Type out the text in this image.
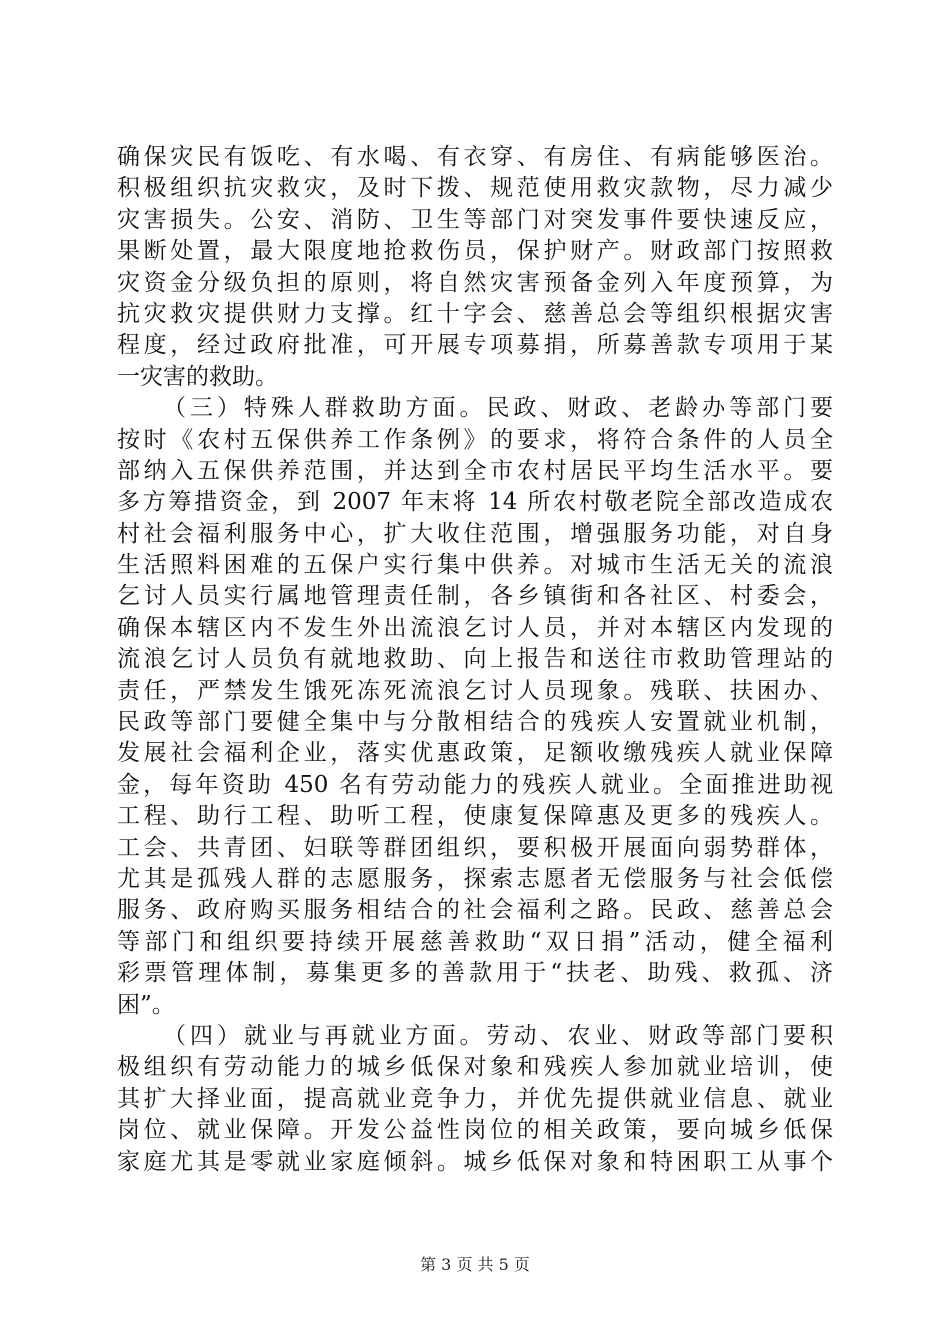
确保灾民有饭吃、有水喝、有衣穿、有房住、有病能够医治。
积极组织抗灾救灾，及时下拨、规范使用救灾款物，尽力减少
灾害损失。公安、消防、卫生等部门对突发事件要快速反应，
果断处置，最大限度地抢救伤员，保护财产。财政部门按照救
灾资金分级负担的原则，将自然灾害预备金列入年度预算，为
抗灾救灾提供财力支撑。红十字会、慈善总会等组织根据灾害
程度，经过政府批准，可开展专项募捐，所募善款专项用于某
一灾害的救助。
（三）特殊人群救助方面。民政、财政、老龄办等部门要
按时《农村五保供养工作条例》的要求，将符合条件的人员全
部纳入五保供养范围，并达到全市农村居民平均生活水平。要
多方筹措资金，到 2007 年末将 14 所农村敬老院全部改造成农
村社会福利服务中心，扩大收住范围，增强服务功能，对自身
生活照料困难的五保户实行集中供养。对城市生活无关的流浪
乞讨人员实行属地管理责任制，各乡镇街和各社区、村委会，
确保本辖区内不发生外出流浪乞讨人员，并对本辖区内发现的
流浪乞讨人员负有就地救助、向上报告和送往市救助管理站的
责任，严禁发生饿死冻死流浪乞讨人员现象。残联、扶困办、
民政等部门要健全集中与分散相结合的残疾人安置就业机制，
发展社会福利企业，落实优惠政策，足额收缴残疾人就业保障
金，每年资助 450 名有劳动能力的残疾人就业。全面推进助视
工程、助行工程、助听工程，使康复保障惠及更多的残疾人。
工会、共青团、妇联等群团组织，要积极开展面向弱势群体，
尤其是孤残人群的志愿服务，探索志愿者无偿服务与社会低偿
服务、政府购买服务相结合的社会福利之路。民政、慈善总会
等部门和组织要持续开展慈善救助“双日捐”活动，健全福利
彩票管理体制，募集更多的善款用于“扶老、助残、救孤、济
困”。
（四）就业与再就业方面。劳动、农业、财政等部门要积
极组织有劳动能力的城乡低保对象和残疾人参加就业培训，使
其扩大择业面，提高就业竞争力，并优先提供就业信息、就业
岗位、就业保障。开发公益性岗位的相关政策，要向城乡低保
家庭尤其是零就业家庭倾斜。城乡低保对象和特困职工从事个
第 3 页 共 5 页
